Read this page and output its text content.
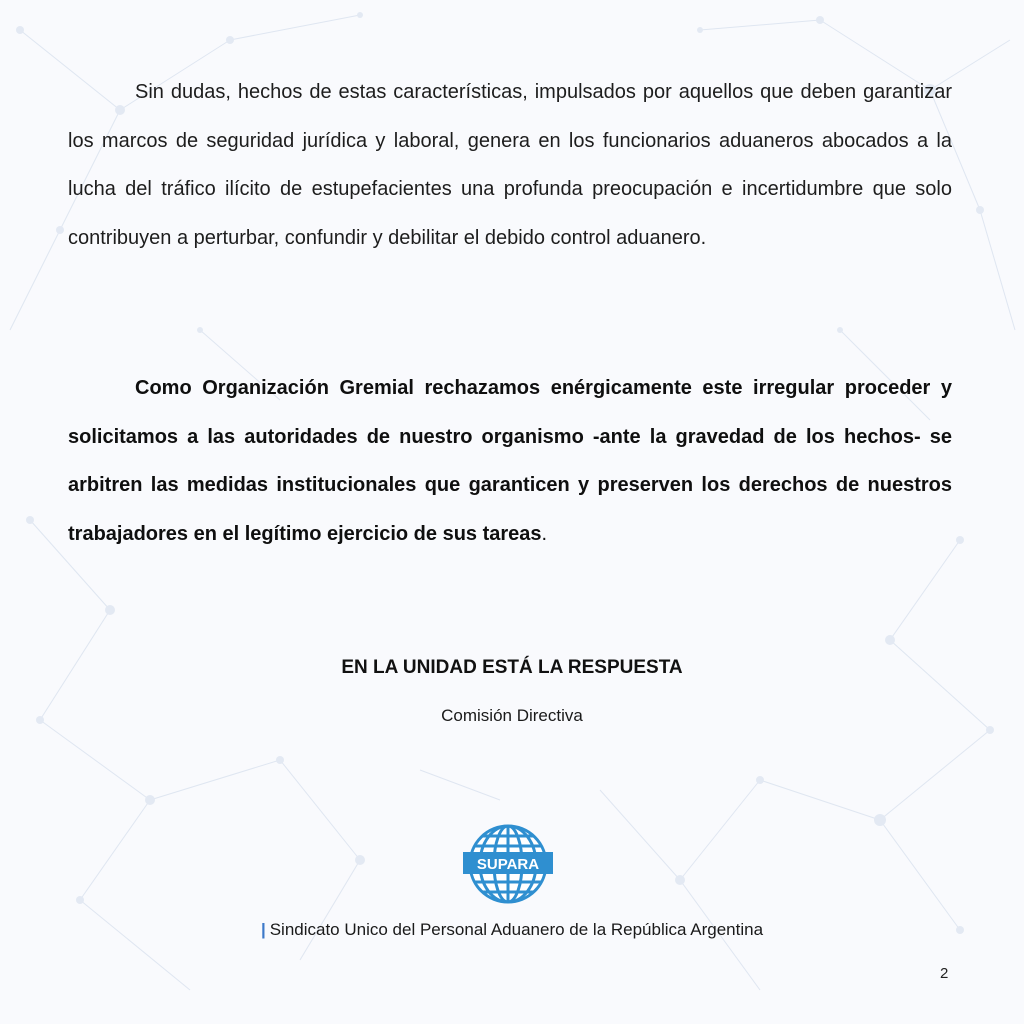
Sin dudas, hechos de estas características, impulsados por aquellos que deben garantizar los marcos de seguridad jurídica y laboral, genera en los funcionarios aduaneros abocados a la lucha del tráfico ilícito de estupefacientes una profunda preocupación e incertidumbre que solo contribuyen a perturbar, confundir y debilitar el debido control aduanero.

Como Organización Gremial rechazamos enérgicamente este irregular proceder y solicitamos a las autoridades de nuestro organismo -ante la gravedad de los hechos- se arbitren las medidas institucionales que garanticen y preserven los derechos de nuestros trabajadores en el legítimo ejercicio de sus tareas.

EN LA UNIDAD ESTÁ LA RESPUESTA
Comisión Directiva
SUPARA
| Sindicato Unico del Personal Aduanero de la República Argentina
2
